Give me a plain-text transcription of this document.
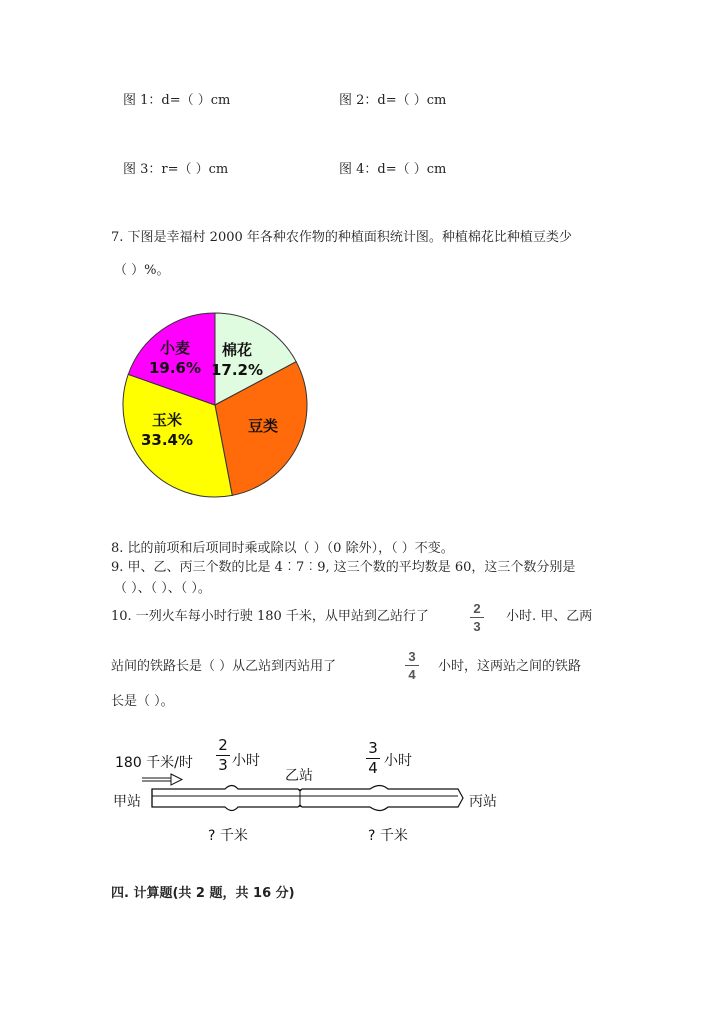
图 1：d=（ ）cm	图 2：d=（ ）cm
图 3：r=（ ）cm	图 4：d=（ ）cm
7. 下图是幸福村 2000 年各种农作物的种植面积统计图。种植棉花比种植豆类少
（ ）%。
棉花
17.2%
豆类
玉米
33.4%
小麦
19.6%
8. 比的前项和后项同时乘或除以（ ）（0 除外），（ ）不变。
9. 甲、乙、丙三个数的比是 4︰7︰9, 这三个数的平均数是 60，这三个数分别是
（ ）、（ ）、（ ）。
10. 一列火车每小时行驶 180 千米，从甲站到乙站行了
2
3
小时. 甲、乙两
站间的铁路长是（ ）从乙站到丙站用了
3
4
小时，这两站之间的铁路
长是（ ）。
180 千米/时
2
3 小时
3
4 小时
乙站
甲站	丙站
? 千米	? 千米
四. 计算题(共 2 题，共 16 分)
